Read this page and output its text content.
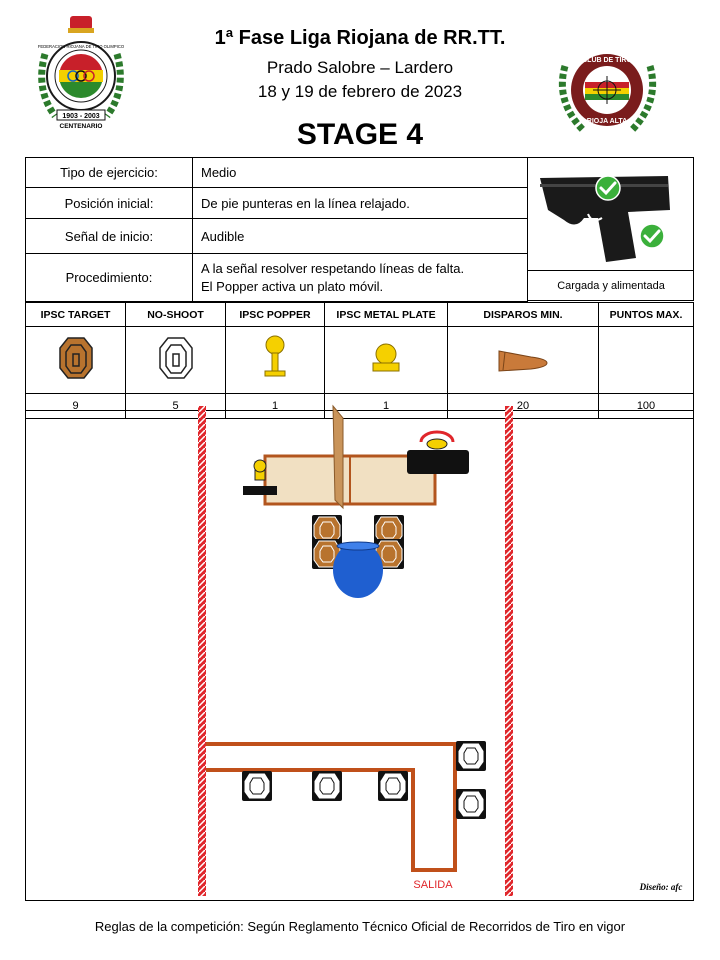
1ª Fase Liga Riojana de RR.TT.
Prado Salobre – Lardero
18 y 19 de febrero de 2023
STAGE 4
1903 - 2003
CENTENARIO
FEDERACION RIOJANA DE TIRO OLIMPICO
CLUB DE TIRO
RIOJA ALTA
Tipo de ejercicio:	Medio
Posición inicial:	De pie punteras en la línea relajado.
Señal de inicio:	Audible
Procedimiento:	A la señal resolver respetando líneas de falta.
El Popper activa un plato móvil.	Cargada y alimentada
IPSC TARGET	NO-SHOOT	IPSC POPPER	IPSC METAL PLATE	DISPAROS MIN.	PUNTOS MAX.

9	5	1	1	20	100
SALIDA	Diseño: afc
Reglas de la competición: Según Reglamento Técnico Oficial de Recorridos de Tiro en vigor
